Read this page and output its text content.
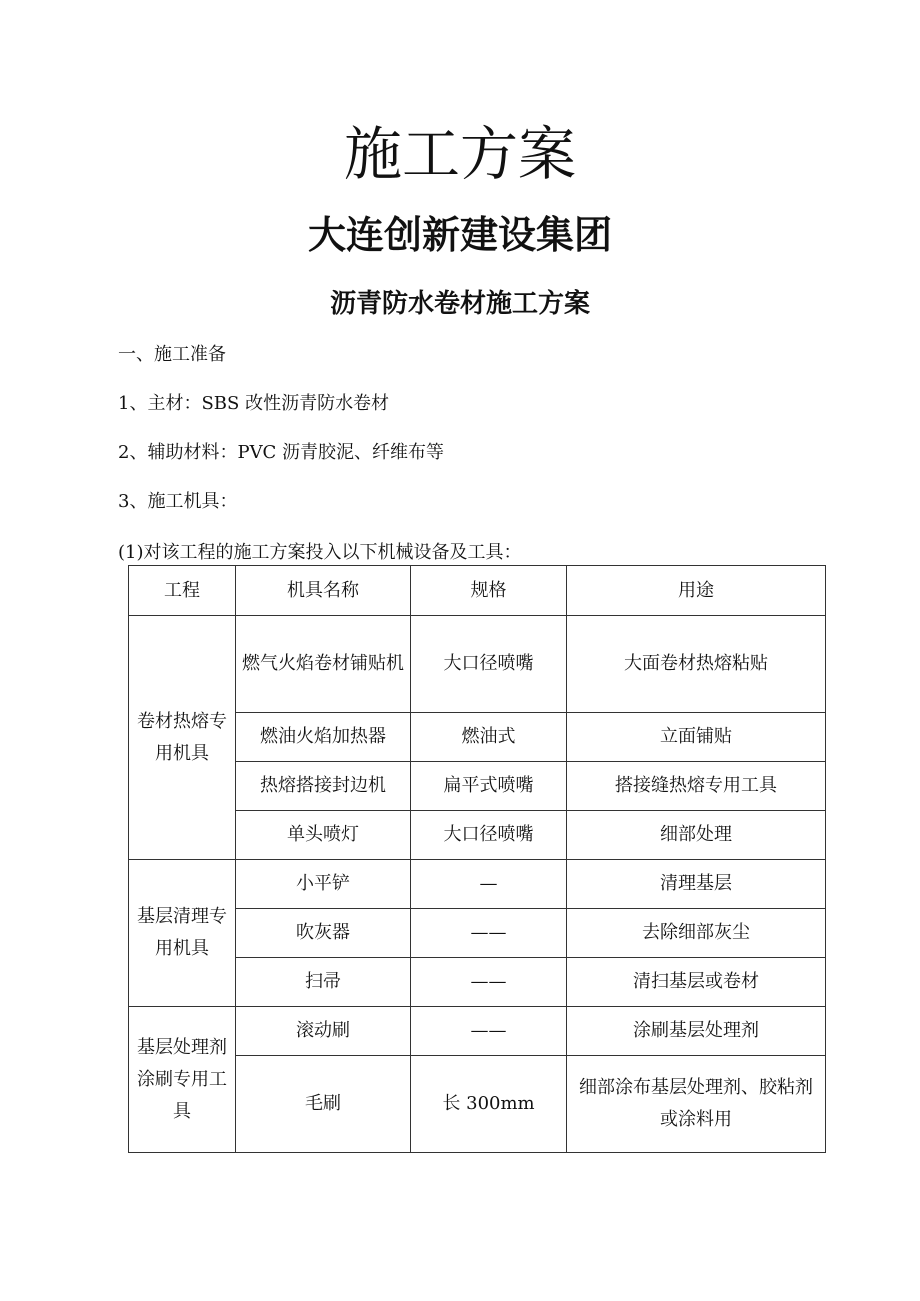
施工方案
大连创新建设集团
沥青防水卷材施工方案

一、施工准备

1、主材：SBS 改性沥青防水卷材

2、辅助材料：PVC 沥青胶泥、纤维布等

3、施工机具：

(1)对该工程的施工方案投入以下机械设备及工具：

工程	机具名称	规格	用途
卷材热熔专用机具	燃气火焰卷材铺贴机	大口径喷嘴	大面卷材热熔粘贴
	燃油火焰加热器	燃油式	立面铺贴
	热熔搭接封边机	扁平式喷嘴	搭接缝热熔专用工具
	单头喷灯	大口径喷嘴	细部处理
基层清理专用机具	小平铲	—	清理基层
	吹灰器	——	去除细部灰尘
	扫帚	——	清扫基层或卷材
基层处理剂涂刷专用工具	滚动刷	——	涂刷基层处理剂
	毛刷	长 300mm	细部涂布基层处理剂、胶粘剂或涂料用
